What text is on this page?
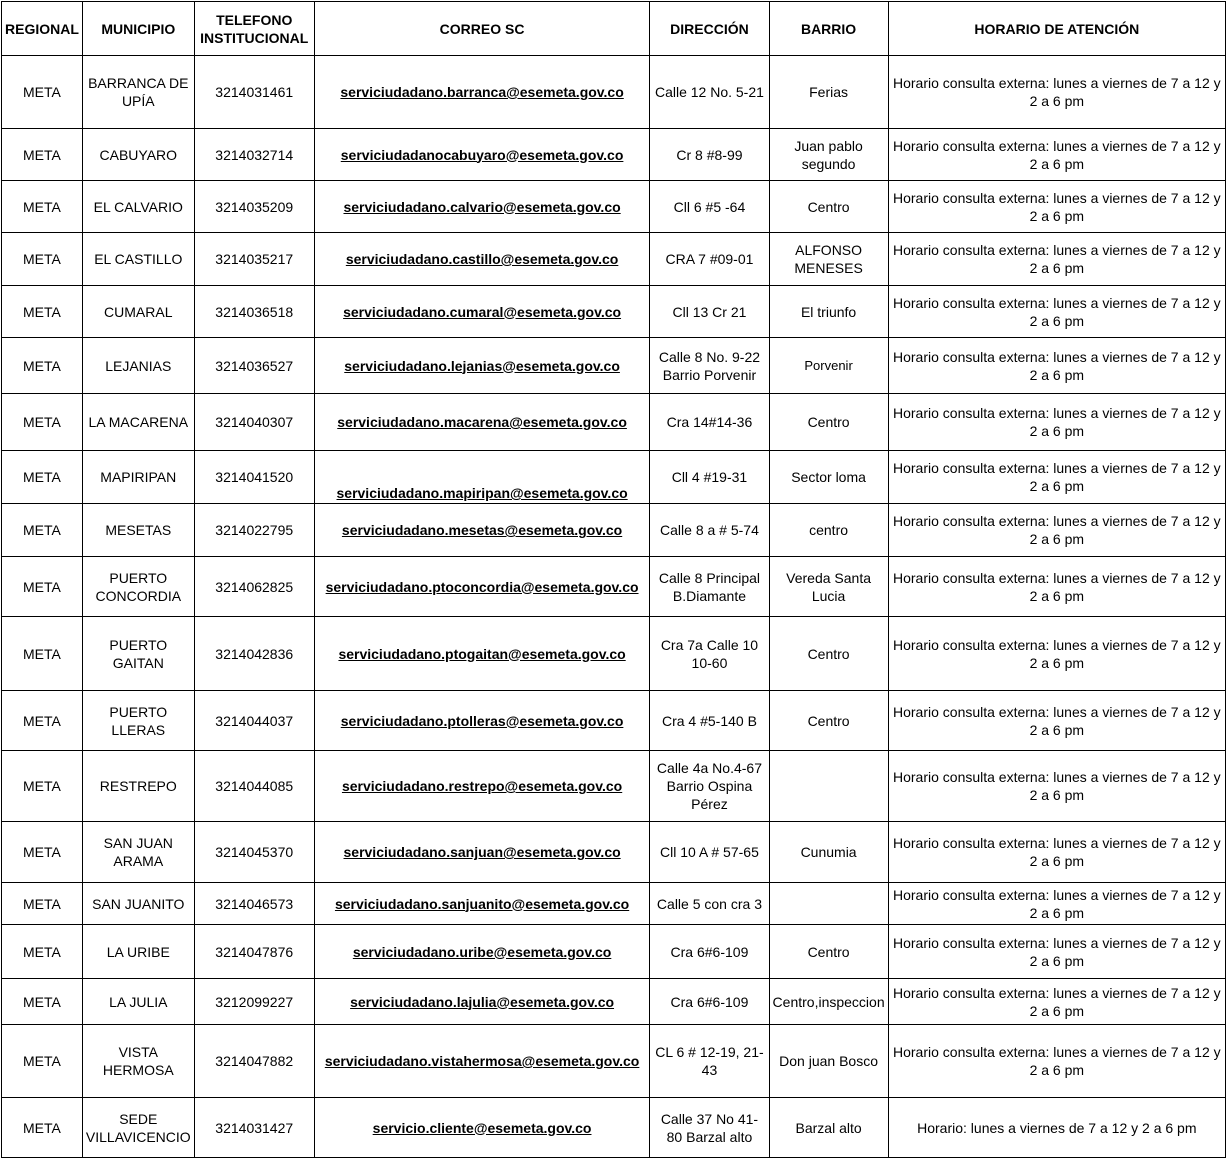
REGIONAL	MUNICIPIO	TELEFONO INSTITUCIONAL	CORREO SC	DIRECCIÓN	BARRIO	HORARIO DE ATENCIÓN
META	BARRANCA DE UPÍA	3214031461	serviciudadano.barranca@esemeta.gov.co	Calle 12 No. 5-21	Ferias	Horario consulta externa: lunes a viernes de 7 a 12 y 2 a 6 pm
META	CABUYARO	3214032714	serviciudadanocabuyaro@esemeta.gov.co	Cr 8 #8-99	Juan pablo segundo	Horario consulta externa: lunes a viernes de 7 a 12 y 2 a 6 pm
META	EL CALVARIO	3214035209	serviciudadano.calvario@esemeta.gov.co	Cll 6 #5 -64	Centro	Horario consulta externa: lunes a viernes de 7 a 12 y 2 a 6 pm
META	EL CASTILLO	3214035217	serviciudadano.castillo@esemeta.gov.co	CRA 7 #09-01	ALFONSO MENESES	Horario consulta externa: lunes a viernes de 7 a 12 y 2 a 6 pm
META	CUMARAL	3214036518	serviciudadano.cumaral@esemeta.gov.co	Cll 13 Cr 21	El triunfo	Horario consulta externa: lunes a viernes de 7 a 12 y 2 a 6 pm
META	LEJANIAS	3214036527	serviciudadano.lejanias@esemeta.gov.co	Calle 8 No. 9-22 Barrio Porvenir	Porvenir	Horario consulta externa: lunes a viernes de 7 a 12 y 2 a 6 pm
META	LA MACARENA	3214040307	serviciudadano.macarena@esemeta.gov.co	Cra 14#14-36	Centro	Horario consulta externa: lunes a viernes de 7 a 12 y 2 a 6 pm
META	MAPIRIPAN	3214041520	serviciudadano.mapiripan@esemeta.gov.co	Cll 4 #19-31	Sector loma	Horario consulta externa: lunes a viernes de 7 a 12 y 2 a 6 pm
META	MESETAS	3214022795	serviciudadano.mesetas@esemeta.gov.co	Calle 8 a # 5-74	centro	Horario consulta externa: lunes a viernes de 7 a 12 y 2 a 6 pm
META	PUERTO CONCORDIA	3214062825	serviciudadano.ptoconcordia@esemeta.gov.co	Calle 8 Principal B.Diamante	Vereda Santa Lucia	Horario consulta externa: lunes a viernes de 7 a 12 y 2 a 6 pm
META	PUERTO GAITAN	3214042836	serviciudadano.ptogaitan@esemeta.gov.co	Cra 7a Calle 10 10-60	Centro	Horario consulta externa: lunes a viernes de 7 a 12 y 2 a 6 pm
META	PUERTO LLERAS	3214044037	serviciudadano.ptolleras@esemeta.gov.co	Cra 4 #5-140 B	Centro	Horario consulta externa: lunes a viernes de 7 a 12 y 2 a 6 pm
META	RESTREPO	3214044085	serviciudadano.restrepo@esemeta.gov.co	Calle 4a No.4-67 Barrio Ospina Pérez		Horario consulta externa: lunes a viernes de 7 a 12 y 2 a 6 pm
META	SAN JUAN ARAMA	3214045370	serviciudadano.sanjuan@esemeta.gov.co	Cll 10 A # 57-65	Cunumia	Horario consulta externa: lunes a viernes de 7 a 12 y 2 a 6 pm
META	SAN JUANITO	3214046573	serviciudadano.sanjuanito@esemeta.gov.co	Calle 5 con cra 3		Horario consulta externa: lunes a viernes de 7 a 12 y 2 a 6 pm
META	LA URIBE	3214047876	serviciudadano.uribe@esemeta.gov.co	Cra 6#6-109	Centro	Horario consulta externa: lunes a viernes de 7 a 12 y 2 a 6 pm
META	LA JULIA	3212099227	serviciudadano.lajulia@esemeta.gov.co	Cra 6#6-109	Centro,inspeccion	Horario consulta externa: lunes a viernes de 7 a 12 y 2 a 6 pm
META	VISTA HERMOSA	3214047882	serviciudadano.vistahermosa@esemeta.gov.co	CL 6 # 12-19, 21-43	Don juan Bosco	Horario consulta externa: lunes a viernes de 7 a 12 y 2 a 6 pm
META	SEDE VILLAVICENCIO	3214031427	servicio.cliente@esemeta.gov.co	Calle 37 No 41-80 Barzal alto	Barzal alto	Horario: lunes a viernes de 7 a 12 y 2 a 6 pm
